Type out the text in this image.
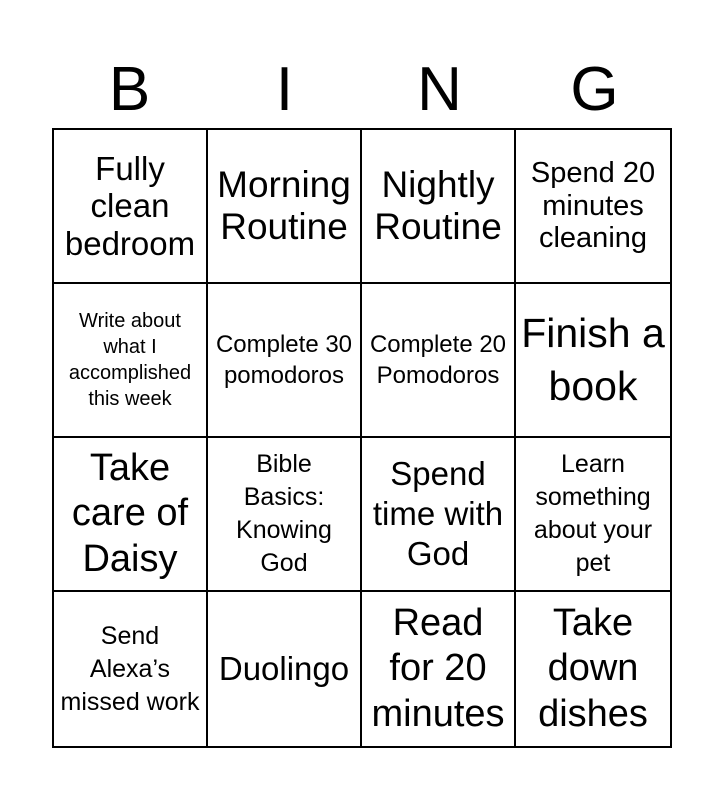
B	I	N	G
Fully clean bedroom
Morning Routine
Nightly Routine
Spend 20 minutes cleaning
Write about what I accomplished this week
Complete 30 pomodoros
Complete 20 Pomodoros
Finish a book
Take care of Daisy
Bible Basics: Knowing God
Spend time with God
Learn something about your pet
Send Alexa’s missed work
Duolingo
Read for 20 minutes
Take down dishes
